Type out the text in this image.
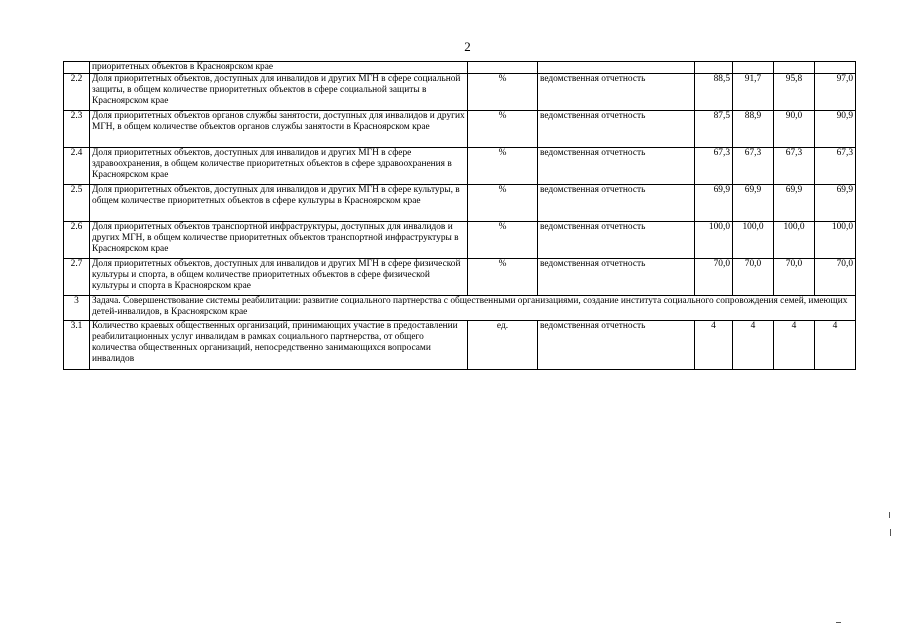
2
	приоритетных объектов в Красноярском крае						
2.2	Доля приоритетных объектов, доступных для инвалидов и других МГН в сфере социальной защиты, в общем количестве приоритетных объектов в сфере социальной защиты в Красноярском крае	%	ведомственная отчетность	88,5	91,7	95,8	97,0
2.3	Доля приоритетных объектов органов службы занятости, доступных для инвалидов и других МГН, в общем количестве объектов органов службы занятости в Красноярском крае	%	ведомственная отчетность	87,5	88,9	90,0	90,9
2.4	Доля приоритетных объектов, доступных для инвалидов и других МГН в сфере здравоохранения, в общем количестве приоритетных объектов в сфере здравоохранения в Красноярском крае	%	ведомственная отчетность	67,3	67,3	67,3	67,3
2.5	Доля приоритетных объектов, доступных для инвалидов и других МГН в сфере культуры, в общем количестве приоритетных объектов в сфере культуры в Красноярском крае	%	ведомственная отчетность	69,9	69,9	69,9	69,9
2.6	Доля приоритетных объектов транспортной инфраструктуры, доступных для инвалидов и других МГН, в общем количестве приоритетных объектов транспортной инфраструктуры в Красноярском крае	%	ведомственная отчетность	100,0	100,0	100,0	100,0
2.7	Доля приоритетных объектов, доступных для инвалидов и других МГН в сфере физической культуры и спорта, в общем количестве приоритетных объектов в сфере физической культуры и спорта в Красноярском крае	%	ведомственная отчетность	70,0	70,0	70,0	70,0
3	Задача. Совершенствование системы реабилитации: развитие социального партнерства с общественными организациями, создание института социального сопровождения семей, имеющих детей-инвалидов, в Красноярском крае						
3.1	Количество краевых общественных организаций, принимающих участие в предоставлении реабилитационных услуг инвалидам в рамках социального партнерства, от общего количества общественных организаций, непосредственно занимающихся вопросами инвалидов	ед.	ведомственная отчетность	4	4	4	4
